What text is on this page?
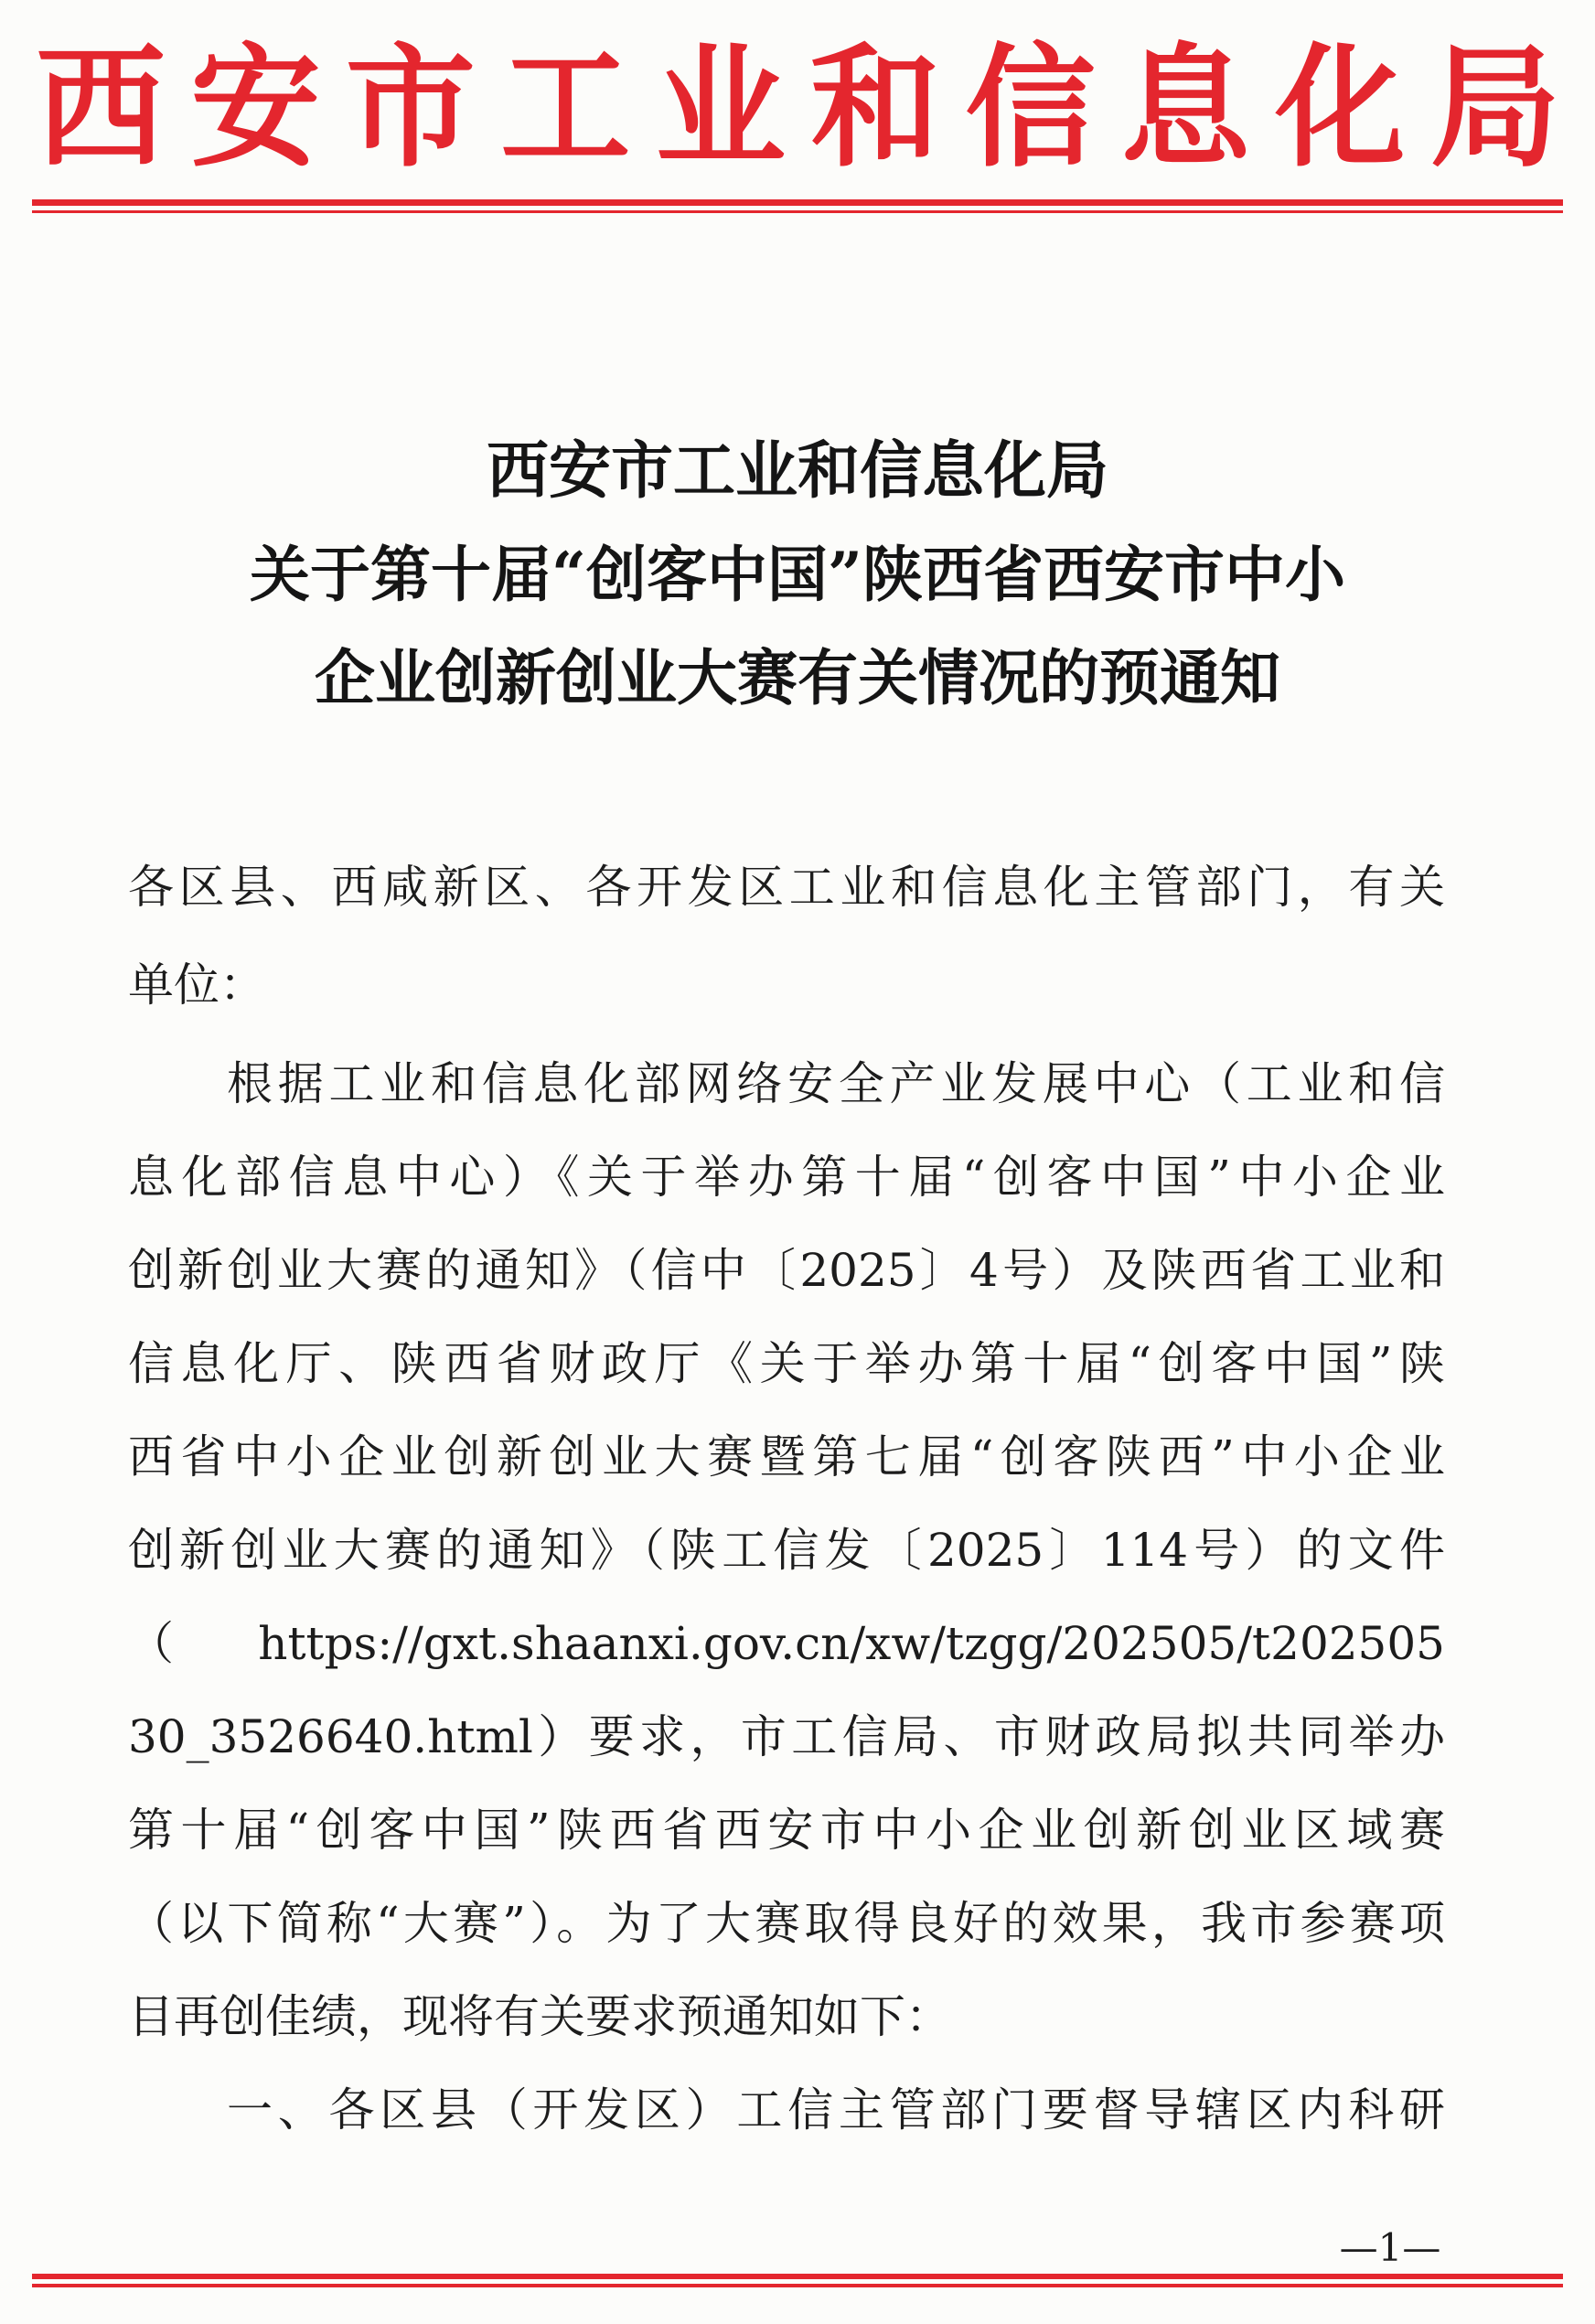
西 安 市 工 业 和 信 息 化 局
西安市工业和信息化局
关于第十届“创客中国”陕西省西安市中小
企业创新创业大赛有关情况的预通知
各区县、西咸新区、各开发区工业和信息化主管部门，有关
单位：
根据工业和信息化部网络安全产业发展中心（工业和信
息化部信息中心）《关于举办第十届“创客中国”中小企业
创新创业大赛的通知》（信中〔2025〕4号）及陕西省工业和
信息化厅、陕西省财政厅《关于举办第十届“创客中国”陕
西省中小企业创新创业大赛暨第七届“创客陕西”中小企业
创新创业大赛的通知》（陕工信发〔2025〕114号）的文件
（https://gxt.shaanxi.gov.cn/xw/tzgg/202505/t202505
30_3526640.html）要求，市工信局、市财政局拟共同举办
第十届“创客中国”陕西省西安市中小企业创新创业区域赛
（以下简称“大赛”）。为了大赛取得良好的效果，我市参赛项
目再创佳绩，现将有关要求预通知如下：
一、各区县（开发区）工信主管部门要督导辖区内科研
—1—
